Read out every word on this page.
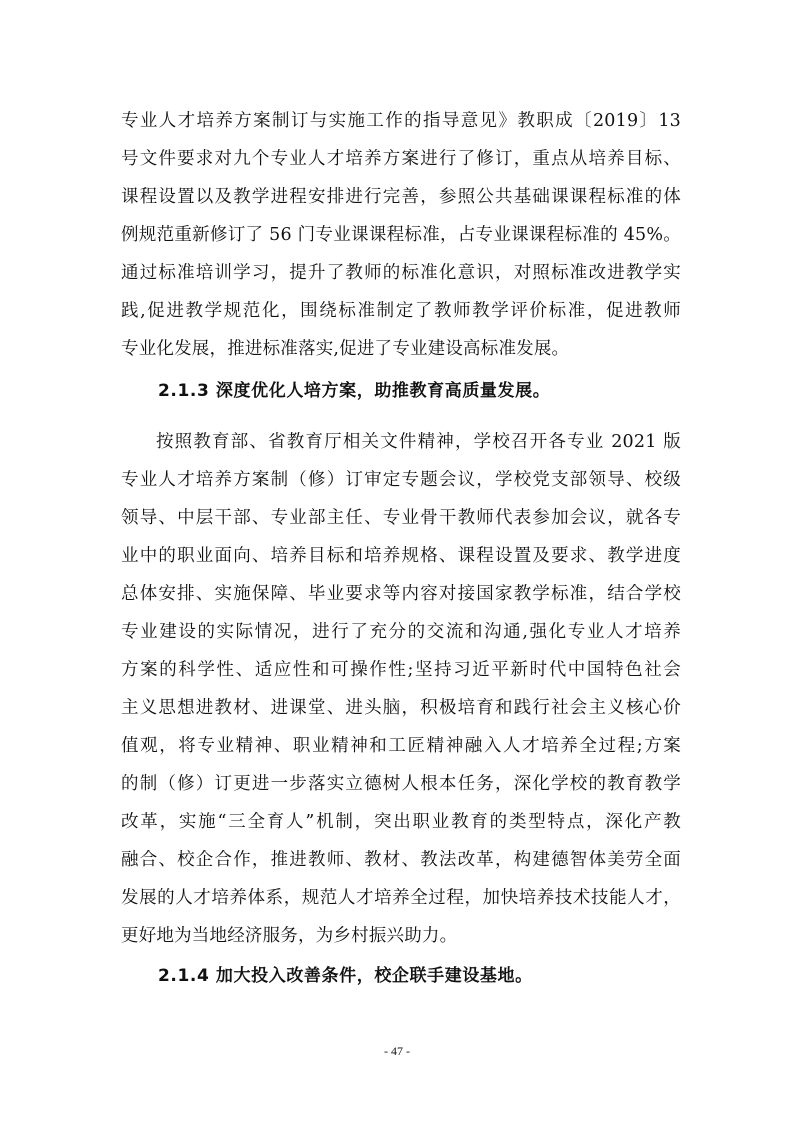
专业人才培养方案制订与实施工作的指导意见》教职成〔2019〕13
号文件要求对九个专业人才培养方案进行了修订，重点从培养目标、
课程设置以及教学进程安排进行完善，参照公共基础课课程标准的体
例规范重新修订了 56 门专业课课程标准，占专业课课程标准的 45%。
通过标准培训学习，提升了教师的标准化意识，对照标准改进教学实
践,促进教学规范化，围绕标准制定了教师教学评价标准，促进教师
专业化发展，推进标准落实,促进了专业建设高标准发展。
2.1.3 深度优化人培方案，助推教育高质量发展。
按照教育部、省教育厅相关文件精神，学校召开各专业 2021 版
专业人才培养方案制（修）订审定专题会议，学校党支部领导、校级
领导、中层干部、专业部主任、专业骨干教师代表参加会议，就各专
业中的职业面向、培养目标和培养规格、课程设置及要求、教学进度
总体安排、实施保障、毕业要求等内容对接国家教学标准，结合学校
专业建设的实际情况，进行了充分的交流和沟通,强化专业人才培养
方案的科学性、适应性和可操作性;坚持习近平新时代中国特色社会
主义思想进教材、进课堂、进头脑，积极培育和践行社会主义核心价
值观，将专业精神、职业精神和工匠精神融入人才培养全过程;方案
的制（修）订更进一步落实立德树人根本任务，深化学校的教育教学
改革，实施“三全育人”机制，突出职业教育的类型特点，深化产教
融合、校企合作，推进教师、教材、教法改革，构建德智体美劳全面
发展的人才培养体系，规范人才培养全过程，加快培养技术技能人才，
更好地为当地经济服务，为乡村振兴助力。
2.1.4 加大投入改善条件，校企联手建设基地。
- 47 -
